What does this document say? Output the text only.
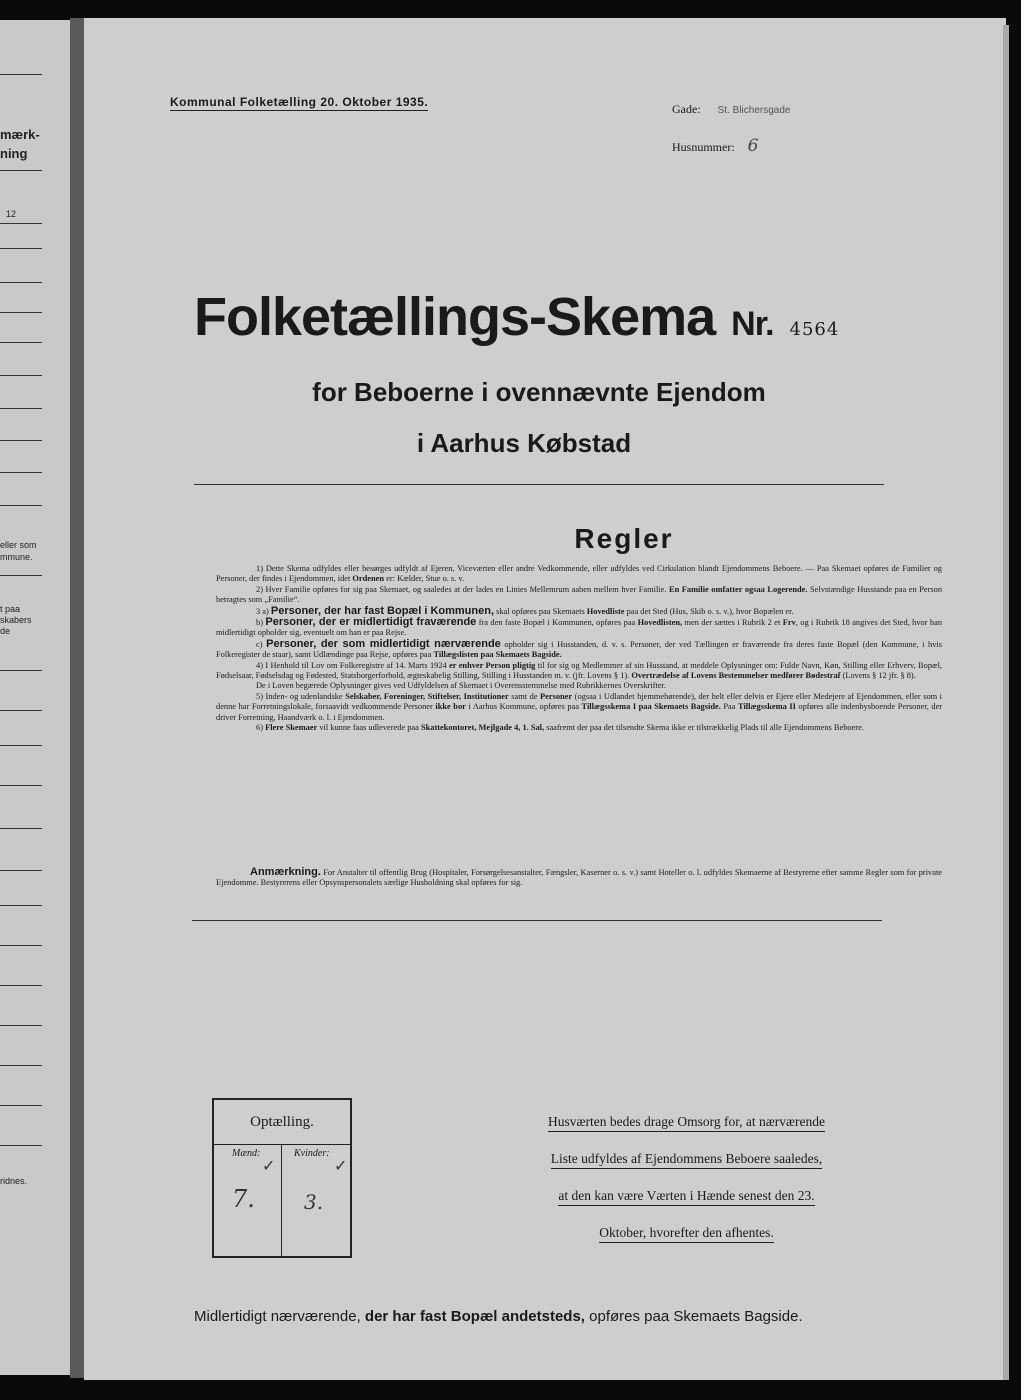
mærk-
ning
12
eller som
mmune.
t paa
skabers
de
ridnes.
Kommunal Folketælling 20. Oktober 1935.	Gade: St. Blichersgade
Husnummer: 6
Folketællings-Skema Nr. 4564
for Beboerne i ovennævnte Ejendom
i Aarhus Købstad
Regler

1) Dette Skema udfyldes eller besørges udfyldt af Ejeren, Viceværten eller andre Vedkommende, eller udfyldes ved Cirkulation blandt Ejendommens Beboere. — Paa Skemaet opføres de Familier og Personer, der findes i Ejendommen, idet Ordenen er: Kælder, Stue o. s. v.

2) Hver Familie opføres for sig paa Skemaet, og saaledes at der lades en Linies Mellemrum aaben mellem hver Familie. En Familie omfatter ogsaa Logerende. Selvstændige Husstande paa en Person betragtes som „Familie“.

3 a) Personer, der har fast Bopæl i Kommunen, skal opføres paa Skemaets Hovedliste paa det Sted (Hus, Skib o. s. v.), hvor Bopælen er.

b) Personer, der er midlertidigt fraværende fra den faste Bopæl i Kommunen, opføres paa Hovedlisten, men der sættes i Rubrik 2 et Frv, og i Rubrik 18 angives det Sted, hvor han midlertidigt opholder sig, eventuelt om han er paa Rejse.

c) Personer, der som midlertidigt nærværende opholder sig i Husstanden, d. v. s. Personer, der ved Tællingen er fraværende fra deres faste Bopæl (den Kommune, i hvis Folkeregister de staar), samt Udlændinge paa Rejse, opføres paa Tillægslisten paa Skemaets Bagside.

4) I Henhold til Lov om Folkeregistre af 14. Marts 1924 er enhver Person pligtig til for sig og Medlemmer af sin Husstand, at meddele Oplysninger om: Fulde Navn, Køn, Stilling eller Erhverv, Bopæl, Fødselsaar, Fødselsdag og Fødested, Statsborgerforhold, ægteskabelig Stilling, Stilling i Husstanden m. v. (jfr. Lovens § 1). Overtrædelse af Lovens Bestemmelser medfører Bødestraf (Lovens § 12 jfr. § 8).

De i Loven begærede Oplysninger gives ved Udfyldelsen af Skemaet i Overensstemmelse med Rubrikkernes Overskrifter.

5) Inden- og udenlandske Selskaber, Foreninger, Stiftelser, Institutioner samt de Personer (ogsaa i Udlandet hjemmehørende), der helt eller delvis er Ejere eller Medejere af Ejendommen, eller som i denne har Forretningslokale, forsaavidt vedkommende Personer ikke bor i Aarhus Kommune, opføres paa Tillægsskema I paa Skemaets Bagside. Paa Tillægsskema II opføres alle indenbysboende Personer, der driver Forretning, Haandværk o. l. i Ejendommen.

6) Flere Skemaer vil kunne faas udleverede paa Skattekontoret, Mejlgade 4, 1. Sal, saafremt der paa det tilsendte Skema ikke er tilstrækkelig Plads til alle Ejendommens Beboere.

Anmærkning. For Anstalter til offentlig Brug (Hospitaler, Forsørgelsesanstalter, Fængsler, Kaserner o. s. v.) samt Hoteller o. l. udfyldes Skemaerne af Bestyrerne efter samme Regler som for private Ejendomme. Bestyrerens eller Opsynspersonalets særlige Husholdning skal opføres for sig.

Optælling.
Mænd:
✓
Kvinder:
✓
7. 3.
Husværten bedes drage Omsorg for, at nærværende
Liste udfyldes af Ejendommens Beboere saaledes,
at den kan være Værten i Hænde senest den 23.
Oktober, hvorefter den afhentes.
Midlertidigt nærværende, der har fast Bopæl andetsteds, opføres paa Skemaets Bagside.
